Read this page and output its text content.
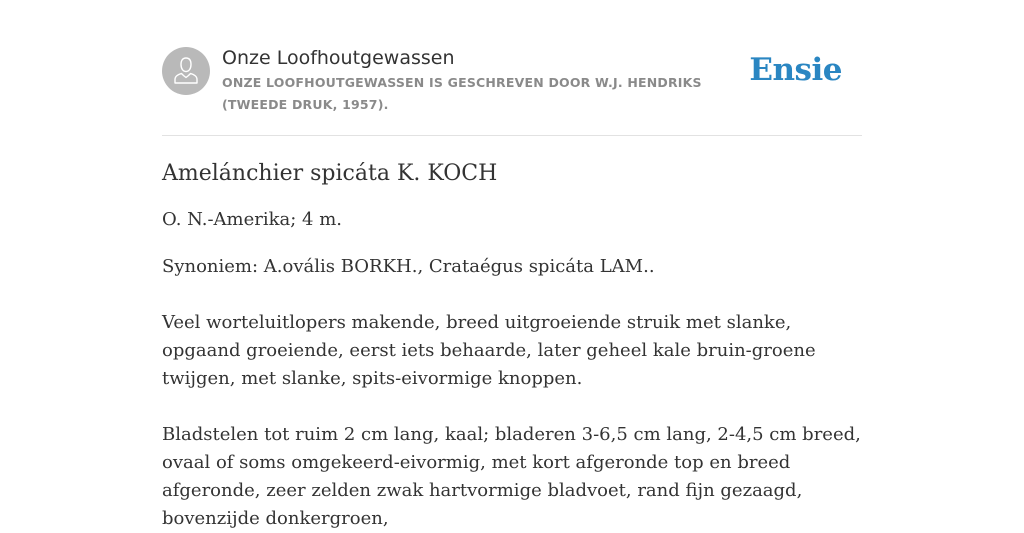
Onze Loofhoutgewassen
ONZE LOOFHOUTGEWASSEN IS GESCHREVEN DOOR W.J. HENDRIKS (TWEEDE DRUK, 1957).
Ensie
Amelánchier spicáta K. KOCH

O. N.-Amerika; 4 m.

Synoniem: A.ovális BORKH., Crataégus spicáta LAM..

Veel worteluitlopers makende, breed uitgroeiende struik met slanke, opgaand groeiende, eerst iets behaarde, later geheel kale bruin-groene twijgen, met slanke, spits-eivormige knoppen.

Bladstelen tot ruim 2 cm lang, kaal; bladeren 3-6,5 cm lang, 2-4,5 cm breed, ovaal of soms omgekeerd-eivormig, met kort afgeronde top en breed afgeronde, zeer zelden zwak hartvormige bladvoet, rand fijn gezaagd, bovenzijde donkergroen,
